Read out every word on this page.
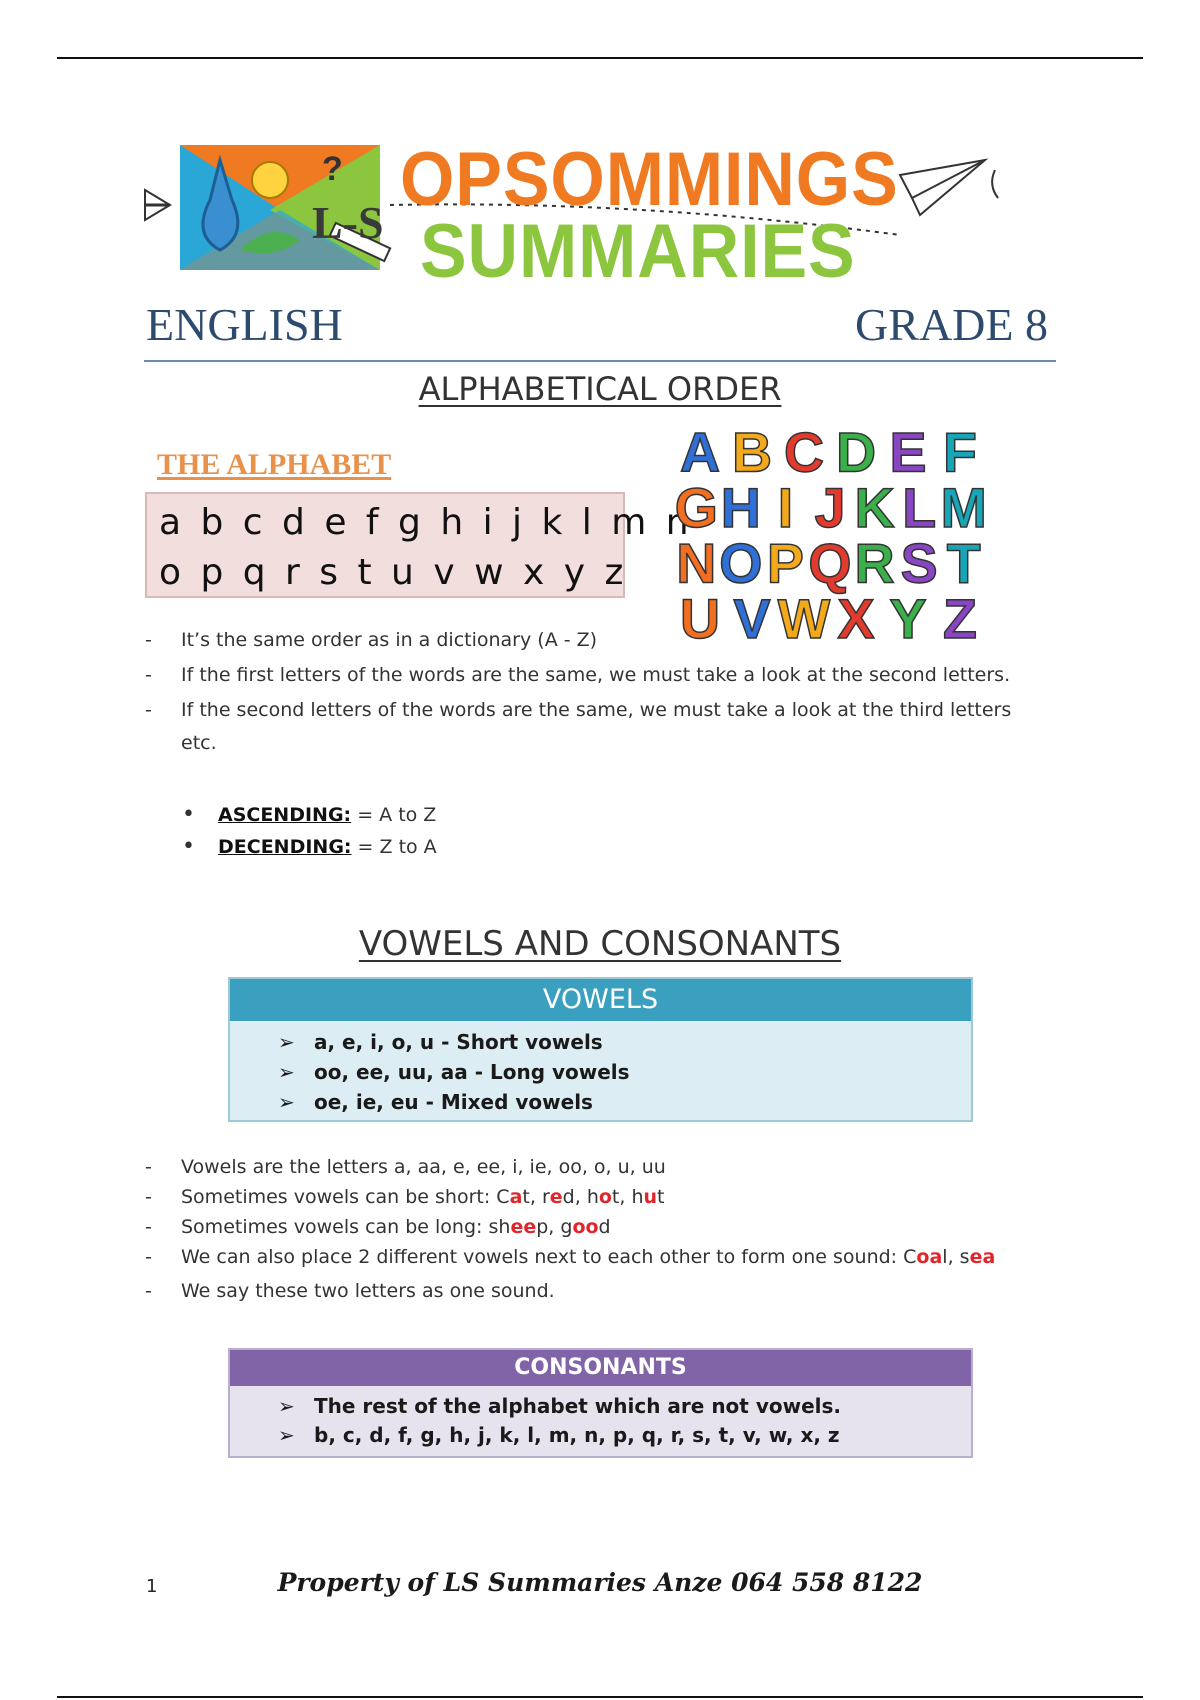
?
L-S
OPSOMMINGS
SUMMARIES
ENGLISH	GRADE 8
ALPHABETICAL ORDER
THE ALPHABET
a b c d e f g h i j k l m n
o p q r s t u v w x y z
A B C D E F
G H I J K L M
N O P Q R S T
U V W X Y Z
- It’s the same order as in a dictionary (A - Z)
- If the first letters of the words are the same, we must take a look at the second letters.
- If the second letters of the words are the same, we must take a look at the third letters etc.
• ASCENDING: = A to Z
• DECENDING: = Z to A
VOWELS AND CONSONANTS
VOWELS
➢ a, e, i, o, u - Short vowels
➢ oo, ee, uu, aa - Long vowels
➢ oe, ie, eu - Mixed vowels
- Vowels are the letters a, aa, e, ee, i, ie, oo, o, u, uu
- Sometimes vowels can be short: Cat, red, hot, hut
- Sometimes vowels can be long: sheep, good
- We can also place 2 different vowels next to each other to form one sound: Coal, sea
- We say these two letters as one sound.
CONSONANTS
➢ The rest of the alphabet which are not vowels.
➢ b, c, d, f, g, h, j, k, l, m, n, p, q, r, s, t, v, w, x, z
1	Property of LS Summaries Anze 064 558 8122
